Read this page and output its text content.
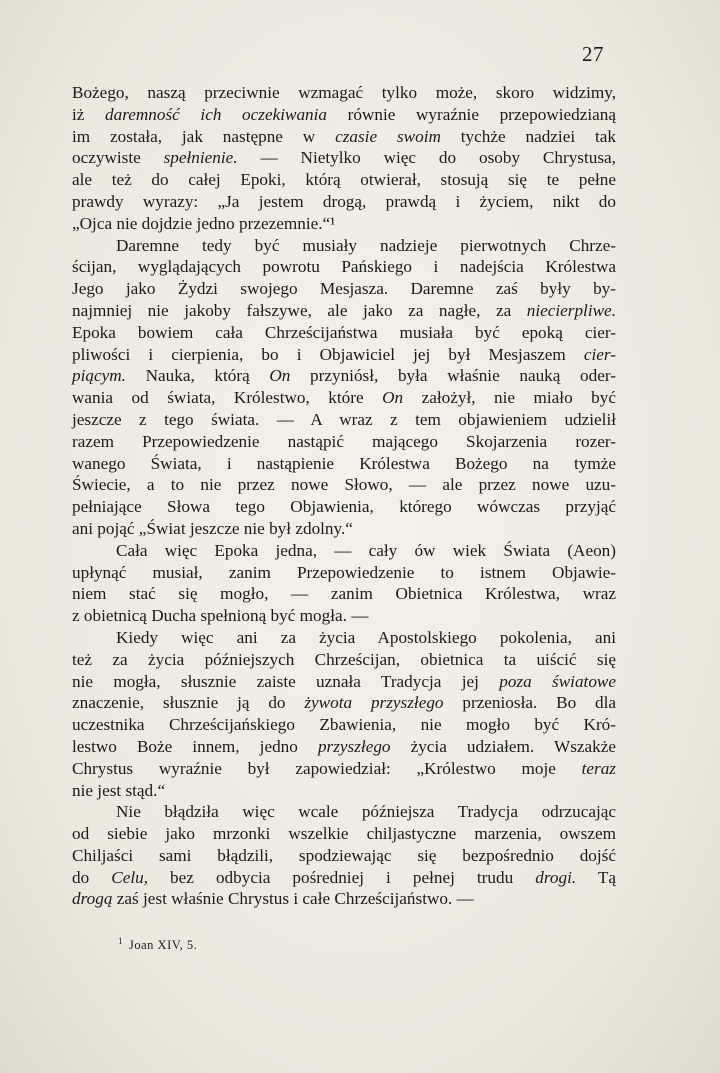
27
Bożego, naszą przeciwnie wzmagać tylko może, skoro widzimy,
iż daremność ich oczekiwania równie wyraźnie przepowiedzianą
im została, jak następne w czasie swoim tychże nadziei tak
oczywiste spełnienie. — Nietylko więc do osoby Chrystusa,
ale też do całej Epoki, którą otwierał, stosują się te pełne
prawdy wyrazy: „Ja jestem drogą, prawdą i życiem, nikt do
„Ojca nie dojdzie jedno przezemnie.“¹
Daremne tedy być musiały nadzieje pierwotnych Chrze-
ścijan, wyglądających powrotu Pańskiego i nadejścia Królestwa
Jego jako Żydzi swojego Mesjasza. Daremne zaś były by-
najmniej nie jakoby fałszywe, ale jako za nagłe, za niecierpliwe.
Epoka bowiem cała Chrześcijaństwa musiała być epoką cier-
pliwości i cierpienia, bo i Objawiciel jej był Mesjaszem cier-
piącym. Nauka, którą On przyniósł, była właśnie nauką oder-
wania od świata, Królestwo, które On założył, nie miało być
jeszcze z tego świata. — A wraz z tem objawieniem udzielił
razem Przepowiedzenie nastąpić mającego Skojarzenia rozer-
wanego Świata, i nastąpienie Królestwa Bożego na tymże
Świecie, a to nie przez nowe Słowo, — ale przez nowe uzu-
pełniające Słowa tego Objawienia, którego wówczas przyjąć
ani pojąć „Świat jeszcze nie był zdolny.“
Cała więc Epoka jedna, — cały ów wiek Świata (Aeon)
upłynąć musiał, zanim Przepowiedzenie to istnem Objawie-
niem stać się mogło, — zanim Obietnica Królestwa, wraz
z obietnicą Ducha spełnioną być mogła. —
Kiedy więc ani za życia Apostolskiego pokolenia, ani
też za życia późniejszych Chrześcijan, obietnica ta uiścić się
nie mogła, słusznie zaiste uznała Tradycja jej poza światowe
znaczenie, słusznie ją do żywota przyszłego przeniosła. Bo dla
uczestnika Chrześcijańskiego Zbawienia, nie mogło być Kró-
lestwo Boże innem, jedno przyszłego życia udziałem. Wszakże
Chrystus wyraźnie był zapowiedział: „Królestwo moje teraz
nie jest stąd.“
Nie błądziła więc wcale późniejsza Tradycja odrzucając
od siebie jako mrzonki wszelkie chiljastyczne marzenia, owszem
Chiljaści sami błądzili, spodziewając się bezpośrednio dojść
do Celu, bez odbycia pośredniej i pełnej trudu drogi. Tą
drogą zaś jest właśnie Chrystus i całe Chrześcijaństwo. —
$^1$ Joan XIV, 5.
